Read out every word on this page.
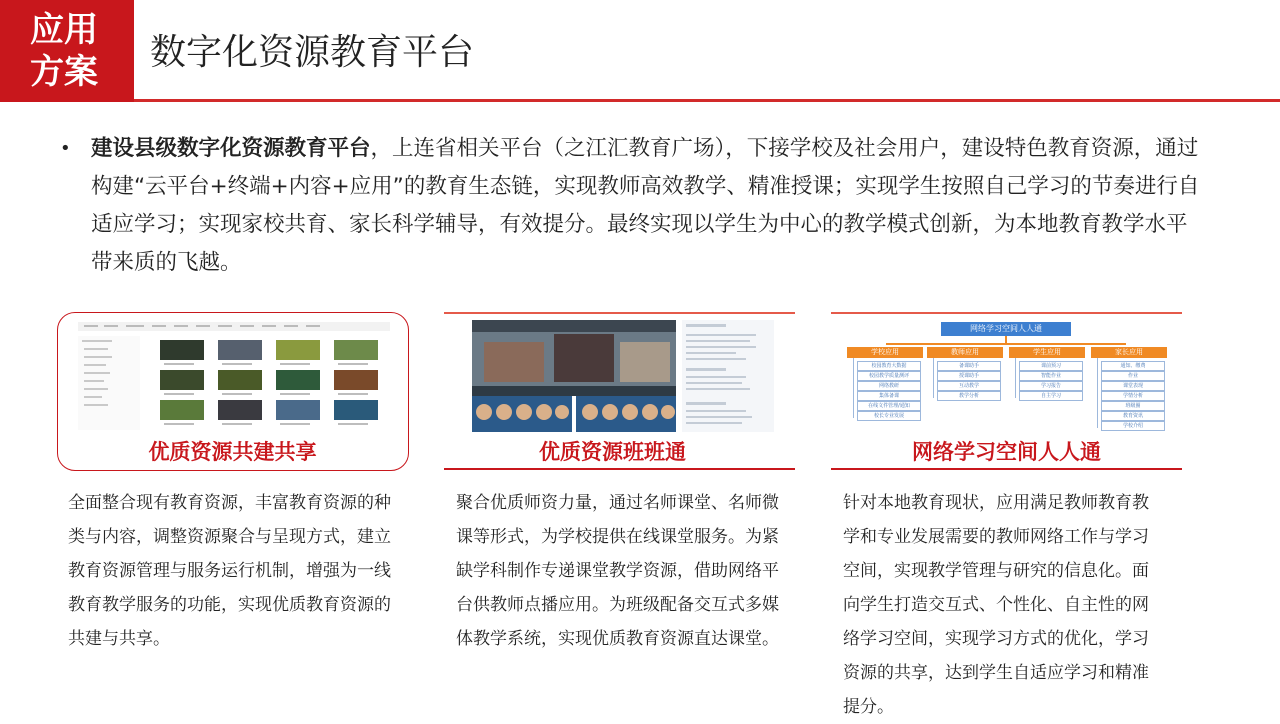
应用
方案 数字化资源教育平台
• 建设县级数字化资源教育平台，上连省相关平台（之江汇教育广场），下接学校及社会用户，建设特色教育资源，通过构建“云平台+终端+内容+应用”的教育生态链，实现教师高效教学、精准授课；实现学生按照自己学习的节奏进行自适应学习；实现家校共育、家长科学辅导，有效提分。最终实现以学生为中心的教学模式创新，为本地教育教学水平带来质的飞越。
优质资源共建共享
全面整合现有教育资源，丰富教育资源的种类与内容，调整资源聚合与呈现方式，建立教育资源管理与服务运行机制，增强为一线教育教学服务的功能，实现优质教育资源的共建与共享。
优质资源班班通
聚合优质师资力量，通过名师课堂、名师微课等形式，为学校提供在线课堂服务。为紧缺学科制作专递课堂教学资源，借助网络平台供教师点播应用。为班级配备交互式多媒体教学系统，实现优质教育资源直达课堂。
网络学习空间人人通
学校应用
校园教育大数据
校园教学质量测评
网络教研
集体备课
在线文件管理/通知
校长专业发展
教师应用
备课助手
授课助手
互动教学
教学分析
学生应用
课前预习
智能作业
学习报告
自主学习
家长应用
通知、缴费
作业
课堂表现
学情分析
班级圈
教育资讯
学校介绍
网络学习空间人人通
针对本地教育现状，应用满足教师教育教学和专业发展需要的教师网络工作与学习空间，实现教学管理与研究的信息化。面向学生打造交互式、个性化、自主性的网络学习空间，实现学习方式的优化，学习资源的共享，达到学生自适应学习和精准提分。
